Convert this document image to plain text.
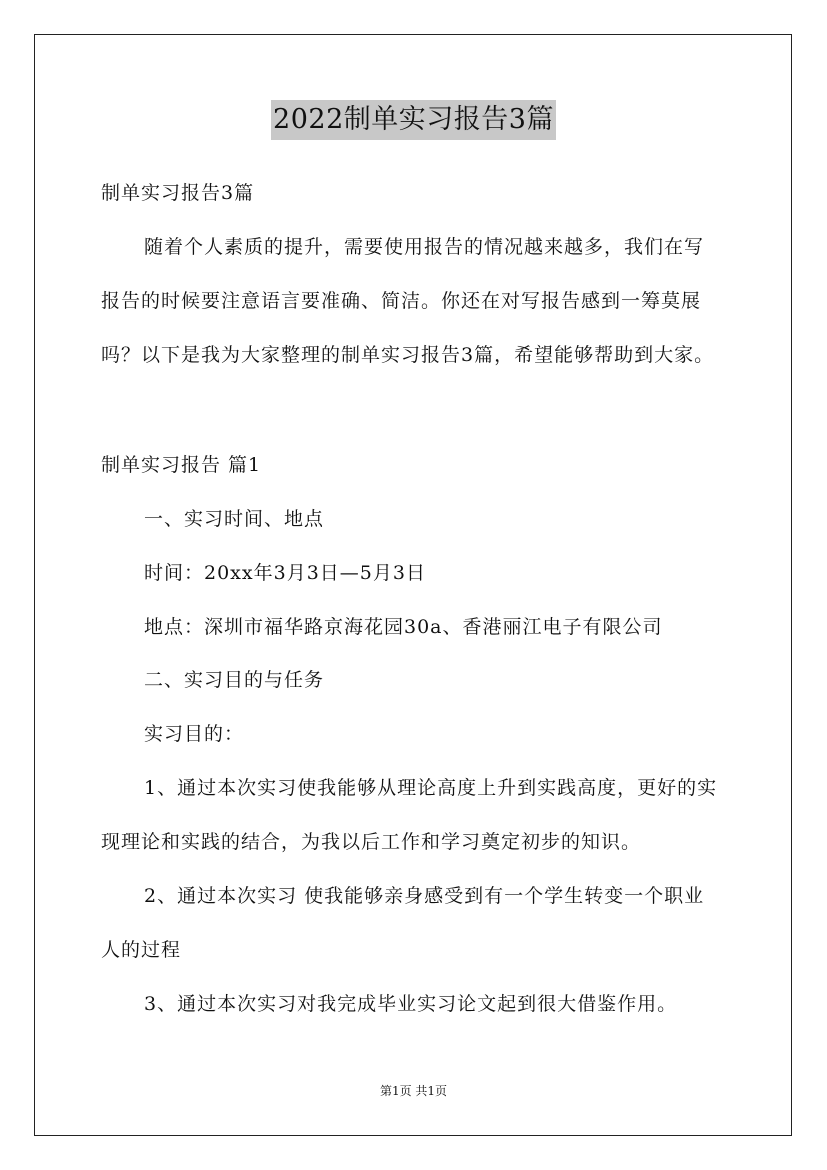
2022制单实习报告3篇
制单实习报告3篇
随着个人素质的提升，需要使用报告的情况越来越多，我们在写
报告的时候要注意语言要准确、简洁。你还在对写报告感到一筹莫展
吗？以下是我为大家整理的制单实习报告3篇，希望能够帮助到大家。
制单实习报告 篇1
一、实习时间、地点
时间：20xx年3月3日—5月3日
地点：深圳市福华路京海花园30a、香港丽江电子有限公司
二、实习目的与任务
实习目的：
1、通过本次实习使我能够从理论高度上升到实践高度，更好的实
现理论和实践的结合，为我以后工作和学习奠定初步的知识。
2、通过本次实习 使我能够亲身感受到有一个学生转变一个职业
人的过程
3、通过本次实习对我完成毕业实习论文起到很大借鉴作用。
第1页 共1页
